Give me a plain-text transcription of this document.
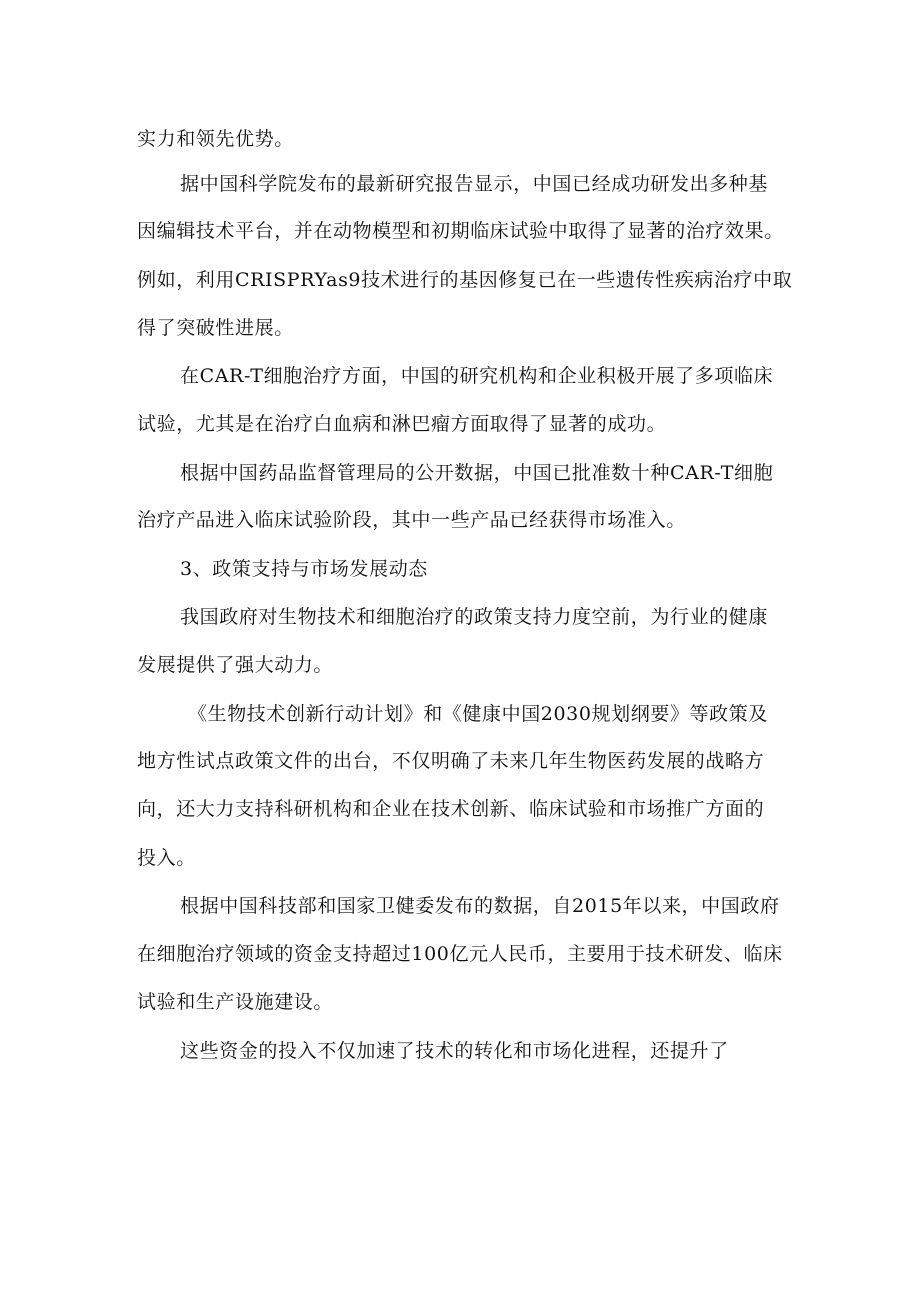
实力和领先优势。
据中国科学院发布的最新研究报告显示，中国已经成功研发出多种基
因编辑技术平台，并在动物模型和初期临床试验中取得了显著的治疗效果。
例如，利用CRISPRYas9技术进行的基因修复已在一些遗传性疾病治疗中取
得了突破性进展。
在CAR-T细胞治疗方面，中国的研究机构和企业积极开展了多项临床
试验，尤其是在治疗白血病和淋巴瘤方面取得了显著的成功。
根据中国药品监督管理局的公开数据，中国已批准数十种CAR-T细胞
治疗产品进入临床试验阶段，其中一些产品已经获得市场准入。
3、政策支持与市场发展动态
我国政府对生物技术和细胞治疗的政策支持力度空前，为行业的健康
发展提供了强大动力。
《生物技术创新行动计划》和《健康中国2030规划纲要》等政策及
地方性试点政策文件的出台，不仅明确了未来几年生物医药发展的战略方
向，还大力支持科研机构和企业在技术创新、临床试验和市场推广方面的
投入。
根据中国科技部和国家卫健委发布的数据，自2015年以来，中国政府
在细胞治疗领域的资金支持超过100亿元人民币，主要用于技术研发、临床
试验和生产设施建设。
这些资金的投入不仅加速了技术的转化和市场化进程，还提升了
